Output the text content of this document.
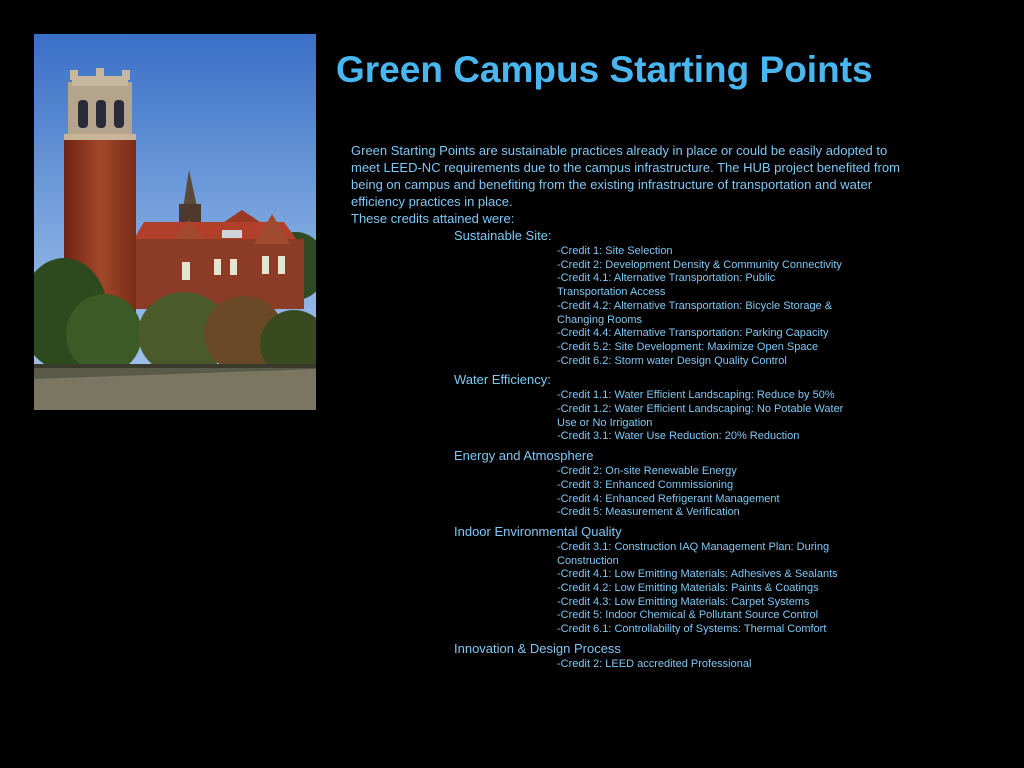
Green Campus Starting Points

Green Starting Points are sustainable practices already in place or could be easily adopted to meet LEED-NC requirements due to the campus infrastructure. The HUB project benefited from being on campus and benefiting from the existing infrastructure of transportation and water efficiency practices in place.

These credits attained were:

Sustainable Site:

-Credit 1: Site Selection

-Credit 2: Development Density & Community Connectivity

-Credit 4.1: Alternative Transportation: Public Transportation Access

-Credit 4.2: Alternative Transportation: Bicycle Storage & Changing Rooms

-Credit 4.4: Alternative Transportation: Parking Capacity

-Credit 5.2: Site Development: Maximize Open Space

-Credit 6.2: Storm water Design Quality Control

Water Efficiency:

-Credit 1.1: Water Efficient Landscaping: Reduce by 50%

-Credit 1.2: Water Efficient Landscaping: No Potable Water Use or No Irrigation

-Credit 3.1: Water Use Reduction: 20% Reduction

Energy and Atmosphere

-Credit 2: On-site Renewable Energy

-Credit 3: Enhanced Commissioning

-Credit 4: Enhanced Refrigerant Management

-Credit 5: Measurement & Verification

Indoor Environmental Quality

-Credit 3.1: Construction IAQ Management Plan: During Construction

-Credit 4.1: Low Emitting Materials: Adhesives & Sealants

-Credit 4.2: Low Emitting Materials: Paints & Coatings

-Credit 4.3: Low Emitting Materials: Carpet Systems

-Credit 5: Indoor Chemical & Pollutant Source Control

-Credit 6.1: Controllability of Systems: Thermal Comfort

Innovation & Design Process

-Credit 2: LEED accredited Professional
